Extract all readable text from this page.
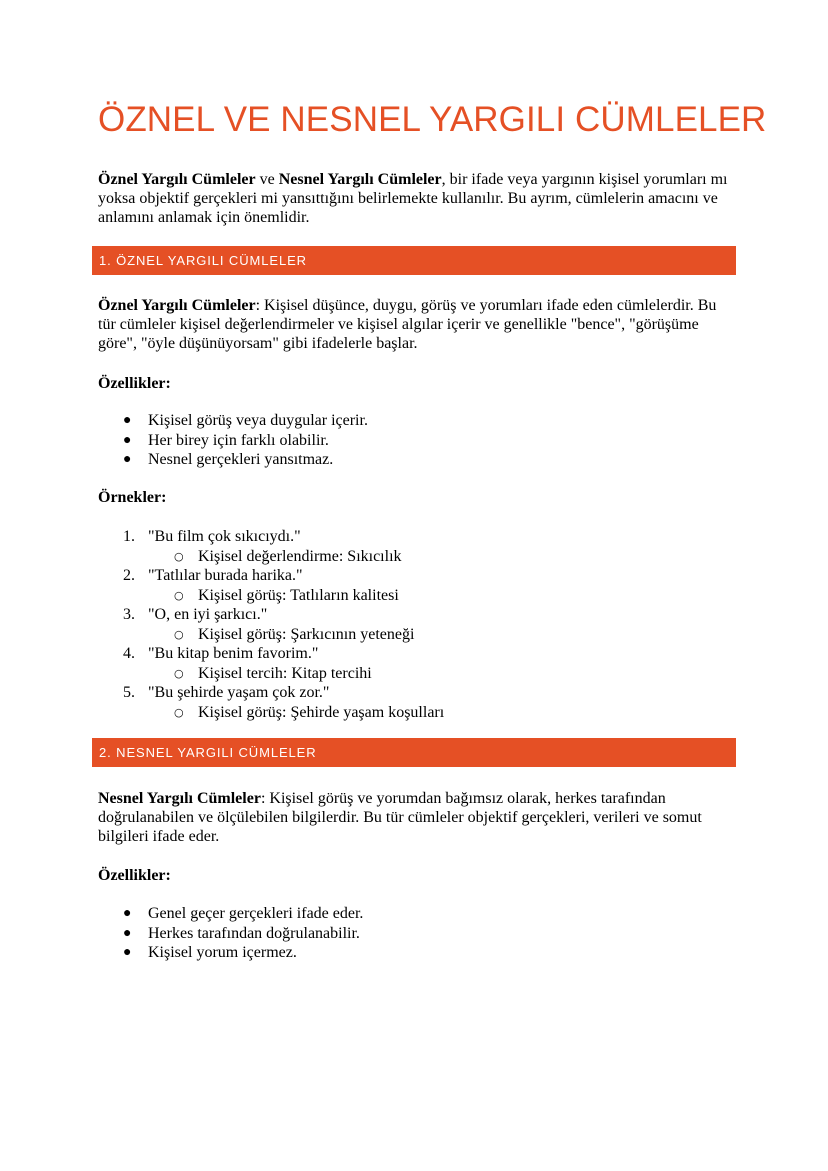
ÖZNEL VE NESNEL YARGILI CÜMLELER

Öznel Yargılı Cümleler ve Nesnel Yargılı Cümleler, bir ifade veya yargının kişisel yorumları mı yoksa objektif gerçekleri mi yansıttığını belirlemekte kullanılır. Bu ayrım, cümlelerin amacını ve anlamını anlamak için önemlidir.

1. ÖZNEL YARGILI CÜMLELER

Öznel Yargılı Cümleler: Kişisel düşünce, duygu, görüş ve yorumları ifade eden cümlelerdir. Bu tür cümleler kişisel değerlendirmeler ve kişisel algılar içerir ve genellikle "bence", "görüşüme göre", "öyle düşünüyorsam" gibi ifadelerle başlar.

Özellikler:

● Kişisel görüş veya duygular içerir.
● Her birey için farklı olabilir.
● Nesnel gerçekleri yansıtmaz.

Örnekler:

1. "Bu film çok sıkıcıydı."
○ Kişisel değerlendirme: Sıkıcılık
2. "Tatlılar burada harika."
○ Kişisel görüş: Tatlıların kalitesi
3. "O, en iyi şarkıcı."
○ Kişisel görüş: Şarkıcının yeteneği
4. "Bu kitap benim favorim."
○ Kişisel tercih: Kitap tercihi
5. "Bu şehirde yaşam çok zor."
○ Kişisel görüş: Şehirde yaşam koşulları
2. NESNEL YARGILI CÜMLELER

Nesnel Yargılı Cümleler: Kişisel görüş ve yorumdan bağımsız olarak, herkes tarafından doğrulanabilen ve ölçülebilen bilgilerdir. Bu tür cümleler objektif gerçekleri, verileri ve somut bilgileri ifade eder.

Özellikler:

● Genel geçer gerçekleri ifade eder.
● Herkes tarafından doğrulanabilir.
● Kişisel yorum içermez.
